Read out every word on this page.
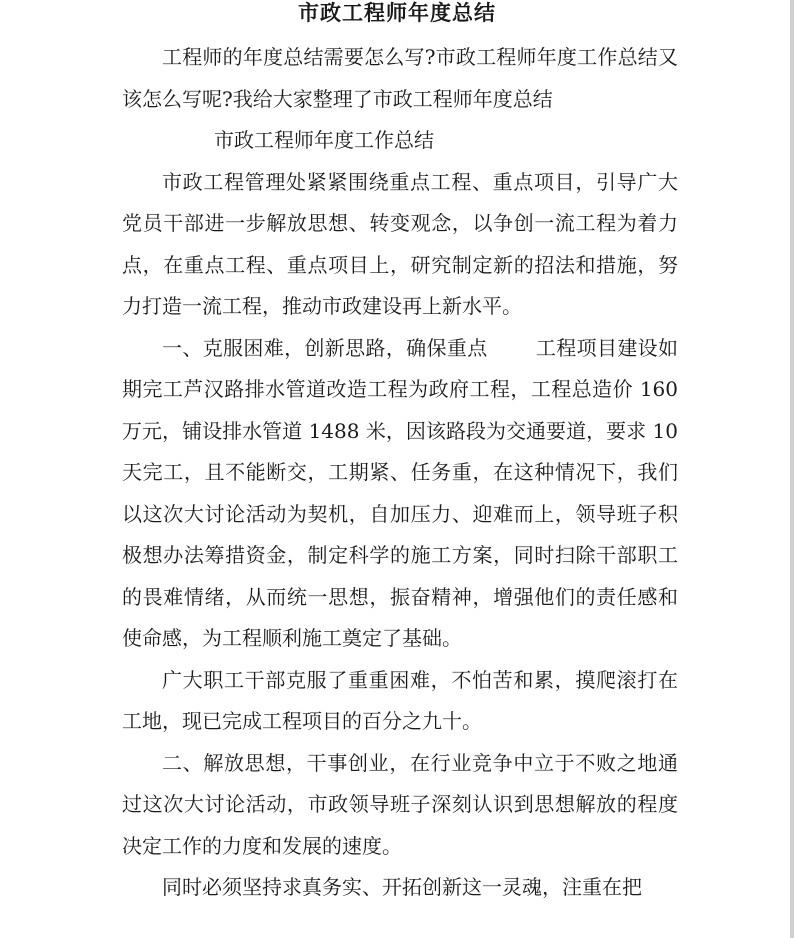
市政工程师年度总结

工程师的年度总结需要怎么写?市政工程师年度工作总结又该怎么写呢?我给大家整理了市政工程师年度总结

市政工程师年度工作总结

市政工程管理处紧紧围绕重点工程、重点项目，引导广大党员干部进一步解放思想、转变观念，以争创一流工程为着力点，在重点工程、重点项目上，研究制定新的招法和措施，努力打造一流工程，推动市政建设再上新水平。

一、克服困难，创新思路，确保重点 工程项目建设如期完工芦汉路排水管道改造工程为政府工程，工程总造价 160 万元，铺设排水管道 1488 米，因该路段为交通要道，要求 10 天完工，且不能断交，工期紧、任务重，在这种情况下，我们以这次大讨论活动为契机，自加压力、迎难而上，领导班子积极想办法筹措资金，制定科学的施工方案，同时扫除干部职工的畏难情绪，从而统一思想，振奋精神，增强他们的责任感和使命感，为工程顺利施工奠定了基础。

广大职工干部克服了重重困难，不怕苦和累，摸爬滚打在工地，现已完成工程项目的百分之九十。

二、解放思想，干事创业，在行业竞争中立于不败之地通过这次大讨论活动，市政领导班子深刻认识到思想解放的程度决定工作的力度和发展的速度。

同时必须坚持求真务实、开拓创新这一灵魂，注重在把
